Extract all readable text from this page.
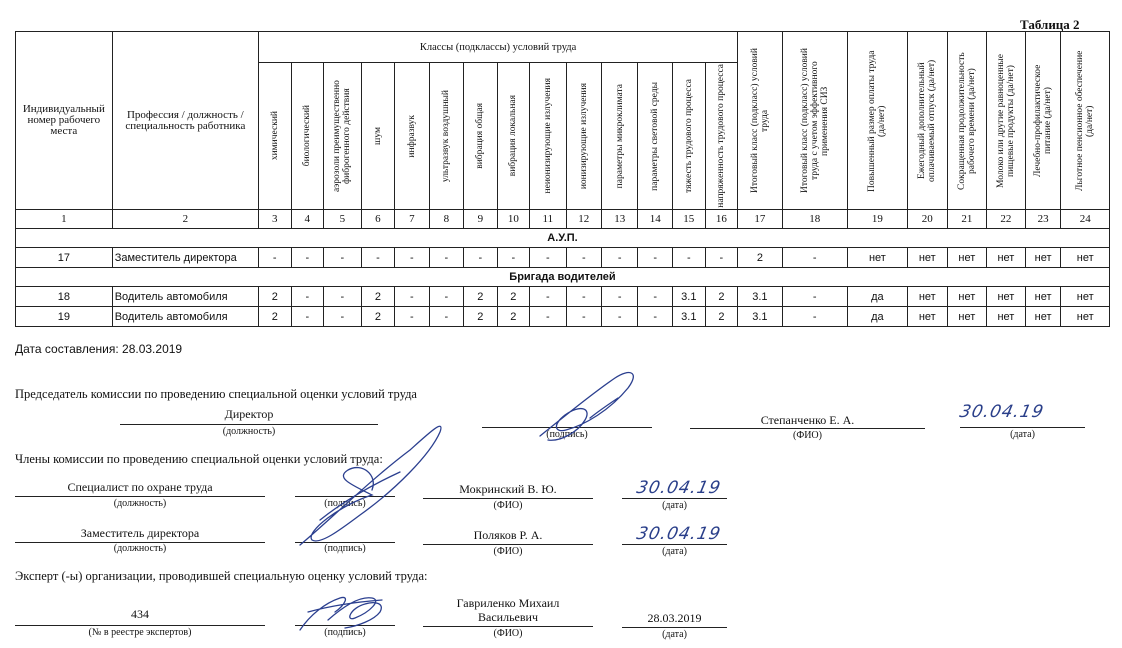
Таблица 2
Индивидуальный номер рабочего места	Профессия / должность / специальность работника	Классы (подклассы) условий труда														Итоговый класс (подкласс) условий труда	Итоговый класс (подкласс) условий труда с учетом эффективного применения СИЗ	Повышенный размер оплаты труда (да/нет)	Ежегодный дополнительный оплачиваемый отпуск (да/нет)	Сокращенная продолжительность рабочего времени (да/нет)	Молоко или другие равноценные пищевые продукты (да/нет)	Лечебно-профилактическое питание (да/нет)	Льготное пенсионное обеспечение (да/нет)

		химический	биологический	аэрозоли преимущественно фиброгенного действия	шум	инфразвук	ультразвук воздушный	вибрация общая	вибрация локальная	неионизирующие излучения	ионизирующие излучения	параметры микроклимата	параметры световой среды	тяжесть трудового процесса	напряженность трудового процесса								

1	2	3	4	5	6	7	8	9	10	11	12	13	14	15	16	17	18	19	20	21	22	23	24
А.У.П.																							
17	Заместитель директора	-	-	-	-	-	-	-	-	-	-	-	-	-	-	2	-	нет	нет	нет	нет	нет	нет
Бригада водителей																							
18	Водитель автомобиля	2	-	-	2	-	-	2	2	-	-	-	-	3.1	2	3.1	-	да	нет	нет	нет	нет	нет
19	Водитель автомобиля	2	-	-	2	-	-	2	2	-	-	-	-	3.1	2	3.1	-	да	нет	нет	нет	нет	нет
Дата составления: 28.03.2019
Председатель комиссии по проведению специальной оценки условий труда
Директор
(должность)	(подпись)
Степанченко Е. А.
(ФИО)
30.04.19
(дата)
Члены комиссии по проведению специальной оценки условий труда:
Специалист по охране труда
(должность)	(подпись)
Мокринский В. Ю.
(ФИО)
30.04.19
(дата)
Заместитель директора
(должность)	(подпись)
Поляков Р. А.
(ФИО)
30.04.19
(дата)
Эксперт (-ы) организации, проводившей специальную оценку условий труда:
434
(№ в реестре экспертов)	(подпись)
Гавриленко Михаил
Васильевич
(ФИО)
28.03.2019
(дата)
